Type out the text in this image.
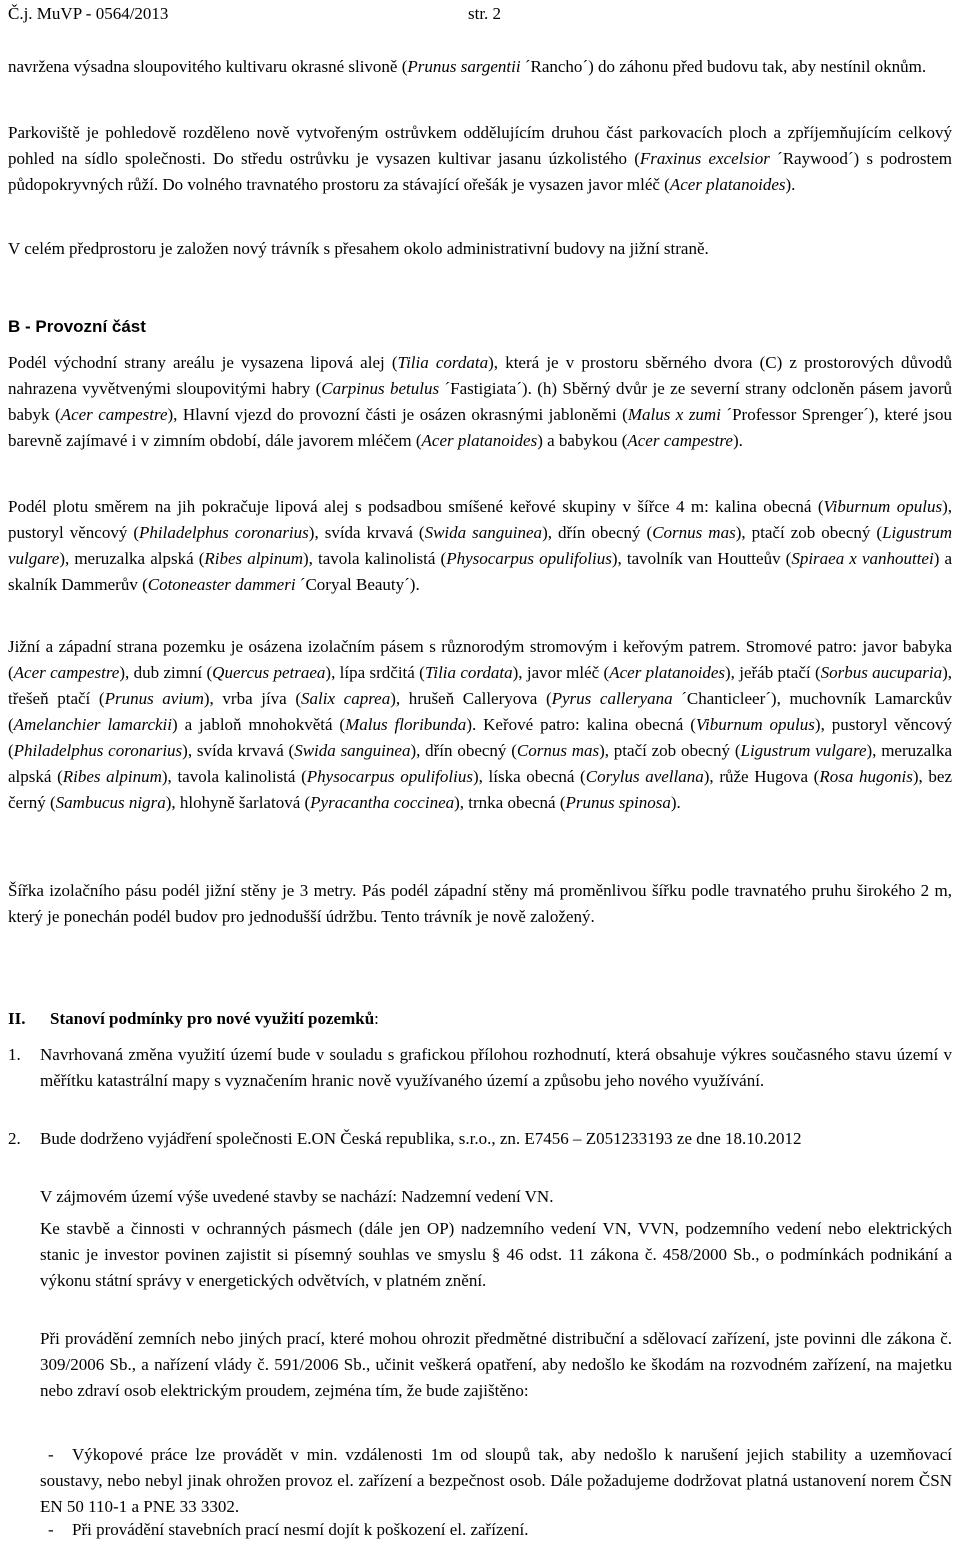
Č.j. MuVP - 0564/2013	str. 2

navržena výsadna sloupovitého kultivaru okrasné slivoně (Prunus sargentii ´Rancho´) do záhonu před budovu tak, aby nestínil oknům.

Parkoviště je pohledově rozděleno nově vytvořeným ostrůvkem oddělujícím druhou část parkovacích ploch a zpříjemňujícím celkový pohled na sídlo společnosti. Do středu ostrůvku je vysazen kultivar jasanu úzkolistého (Fraxinus excelsior ´Raywood´) s podrostem půdopokryvných růží. Do volného travnatého prostoru za stávající ořešák je vysazen javor mléč (Acer platanoides).

V celém předprostoru je založen nový trávník s přesahem okolo administrativní budovy na jižní straně.

B - Provozní část

Podél východní strany areálu je vysazena lipová alej (Tilia cordata), která je v prostoru sběrného dvora (C) z prostorových důvodů nahrazena vyvětvenými sloupovitými habry (Carpinus betulus ´Fastigiata´). (h) Sběrný dvůr je ze severní strany odcloněn pásem javorů babyk (Acer campestre), Hlavní vjezd do provozní části je osázen okrasnými jabloněmi (Malus x zumi ´Professor Sprenger´), které jsou barevně zajímavé i v zimním období, dále javorem mléčem (Acer platanoides) a babykou (Acer campestre).

Podél plotu směrem na jih pokračuje lipová alej s podsadbou smíšené keřové skupiny v šířce 4 m: kalina obecná (Viburnum opulus), pustoryl věncový (Philadelphus coronarius), svída krvavá (Swida sanguinea), dřín obecný (Cornus mas), ptačí zob obecný (Ligustrum vulgare), meruzalka alpská (Ribes alpinum), tavola kalinolistá (Physocarpus opulifolius), tavolník van Houtteův (Spiraea x vanhouttei) a skalník Dammerův (Cotoneaster dammeri ´Coryal Beauty´).

Jižní a západní strana pozemku je osázena izolačním pásem s různorodým stromovým i keřovým patrem. Stromové patro: javor babyka (Acer campestre), dub zimní (Quercus petraea), lípa srdčitá (Tilia cordata), javor mléč (Acer platanoides), jeřáb ptačí (Sorbus aucuparia), třešeň ptačí (Prunus avium), vrba jíva (Salix caprea), hrušeň Calleryova (Pyrus calleryana ´Chanticleer´), muchovník Lamarckův (Amelanchier lamarckii) a jabloň mnohokvětá (Malus floribunda). Keřové patro: kalina obecná (Viburnum opulus), pustoryl věncový (Philadelphus coronarius), svída krvavá (Swida sanguinea), dřín obecný (Cornus mas), ptačí zob obecný (Ligustrum vulgare), meruzalka alpská (Ribes alpinum), tavola kalinolistá (Physocarpus opulifolius), líska obecná (Corylus avellana), růže Hugova (Rosa hugonis), bez černý (Sambucus nigra), hlohyně šarlatová (Pyracantha coccinea), trnka obecná (Prunus spinosa).

Šířka izolačního pásu podél jižní stěny je 3 metry. Pás podél západní stěny má proměnlivou šířku podle travnatého pruhu širokého 2 m, který je ponechán podél budov pro jednodušší údržbu. Tento trávník je nově založený.

II. Stanoví podmínky pro nové využití pozemků:
1. Navrhovaná změna využití území bude v souladu s grafickou přílohou rozhodnutí, která obsahuje výkres současného stavu území v měřítku katastrální mapy s vyznačením hranic nově využívaného území a způsobu jeho nového využívání.
2. Bude dodrženo vyjádření společnosti E.ON Česká republika, s.r.o., zn. E7456 – Z051233193 ze dne 18.10.2012

V zájmovém území výše uvedené stavby se nachází: Nadzemní vedení VN.

Ke stavbě a činnosti v ochranných pásmech (dále jen OP) nadzemního vedení VN, VVN, podzemního vedení nebo elektrických stanic je investor povinen zajistit si písemný souhlas ve smyslu § 46 odst. 11 zákona č. 458/2000 Sb., o podmínkách podnikání a výkonu státní správy v energetických odvětvích, v platném znění.

Při provádění zemních nebo jiných prací, které mohou ohrozit předmětné distribuční a sdělovací zařízení, jste povinni dle zákona č. 309/2006 Sb., a nařízení vlády č. 591/2006 Sb., učinit veškerá opatření, aby nedošlo ke škodám na rozvodném zařízení, na majetku nebo zdraví osob elektrickým proudem, zejména tím, že bude zajištěno:

-	Výkopové práce lze provádět v min. vzdálenosti 1m od sloupů tak, aby nedošlo k narušení jejich stability a uzemňovací soustavy, nebo nebyl jinak ohrožen provoz el. zařízení a bezpečnost osob. Dále požadujeme dodržovat platná ustanovení norem ČSN EN 50 110-1 a PNE 33 3302.
-	Při provádění stavebních prací nesmí dojít k poškození el. zařízení.
